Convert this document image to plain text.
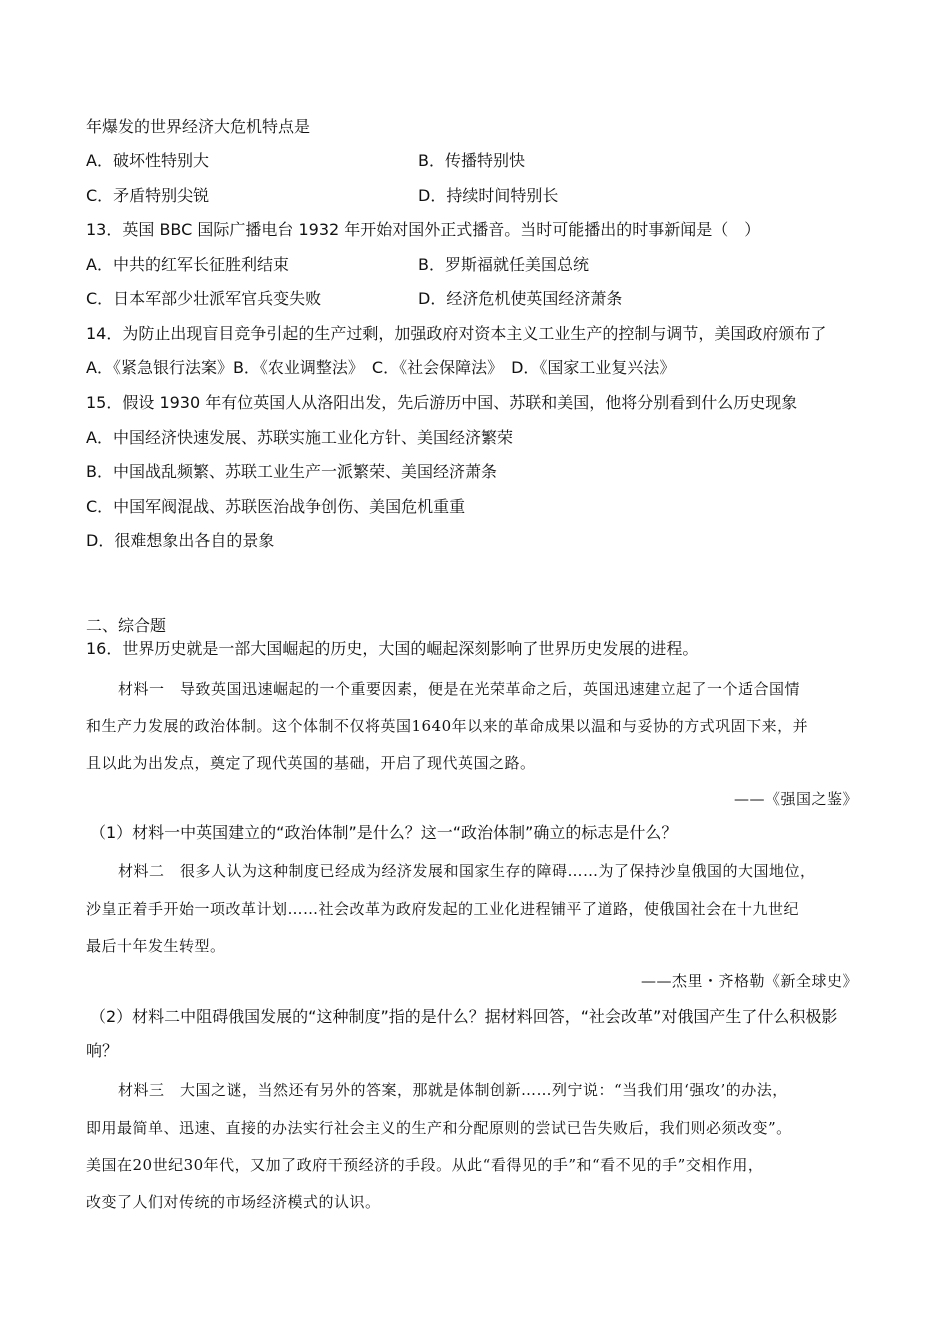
年爆发的世界经济大危机特点是
A．破坏性特别大	B．传播特别快
C．矛盾特别尖锐	D．持续时间特别长
13．英国 BBC 国际广播电台 1932 年开始对国外正式播音。当时可能播出的时事新闻是（　）
A．中共的红军长征胜利结束	B．罗斯福就任美国总统
C．日本军部少壮派军官兵变失败	D．经济危机使英国经济萧条
14．为防止出现盲目竞争引起的生产过剩，加强政府对资本主义工业生产的控制与调节，美国政府颁布了
A．《紧急银行法案》B．《农业调整法》　C．《社会保障法》　D．《国家工业复兴法》
15．假设 1930 年有位英国人从洛阳出发，先后游历中国、苏联和美国，他将分别看到什么历史现象
A．中国经济快速发展、苏联实施工业化方针、美国经济繁荣
B．中国战乱频繁、苏联工业生产一派繁荣、美国经济萧条
C．中国军阀混战、苏联医治战争创伤、美国危机重重
D．很难想象出各自的景象
二、综合题
16．世界历史就是一部大国崛起的历史，大国的崛起深刻影响了世界历史发展的进程。
材料一　导致英国迅速崛起的一个重要因素，便是在光荣革命之后，英国迅速建立起了一个适合国情
和生产力发展的政治体制。这个体制不仅将英国1640年以来的革命成果以温和与妥协的方式巩固下来，并
且以此为出发点，奠定了现代英国的基础，开启了现代英国之路。
——《强国之鉴》
（1）材料一中英国建立的“政治体制”是什么？这一“政治体制”确立的标志是什么？
材料二　很多人认为这种制度已经成为经济发展和国家生存的障碍……为了保持沙皇俄国的大国地位，
沙皇正着手开始一项改革计划……社会改革为政府发起的工业化进程铺平了道路，使俄国社会在十九世纪
最后十年发生转型。
——杰里・齐格勒《新全球史》
（2）材料二中阻碍俄国发展的“这种制度”指的是什么？据材料回答，“社会改革”对俄国产生了什么积极影
响？
材料三　大国之谜，当然还有另外的答案，那就是体制创新……列宁说：“当我们用‘强攻’的办法，
即用最简单、迅速、直接的办法实行社会主义的生产和分配原则的尝试已告失败后，我们则必须改变”。
美国在20世纪30年代，又加了政府干预经济的手段。从此“看得见的手”和“看不见的手”交相作用，
改变了人们对传统的市场经济模式的认识。
